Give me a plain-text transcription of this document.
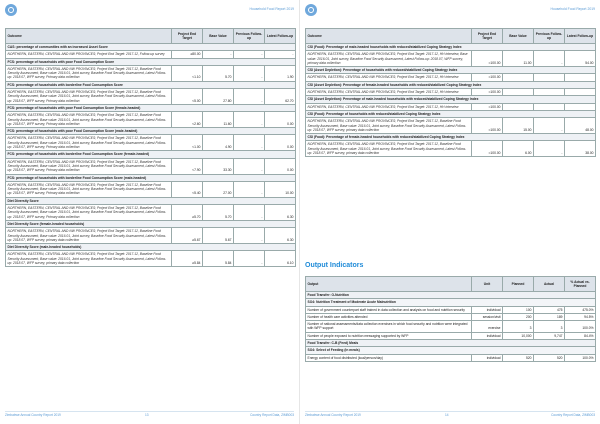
Household Food Report 2019
Outcome	Project End Target	Base Value	Previous Follow-up	Latest Follow-up
CAS: percentage of communities with an increased Asset Score				
NORTHERN, EASTERN, CENTRAL AND NW PROVINCES; Project End Target: 2017.12, Follow-up survey	≥80.00	-	-	-
FCS: percentage of households with poor Food Consumption Score				
NORTHERN, EASTERN, CENTRAL AND NW PROVINCES; Project End Target: 2017.12, Baseline Food Security Assessment, Base value: 2016.01, Joint survey, Baseline Food Security Assessment, Latest Follow-up: 2018.07, WFP survey, Primary data collection	<1.10	5.70	-	1.90
FCS: percentage of households with borderline Food Consumption Score				
NORTHERN, EASTERN, CENTRAL AND NW PROVINCES; Project End Target: 2017.12, Baseline Food Security Assessment, Base value: 2016.01, Joint survey, Baseline Food Security Assessment, Latest Follow-up: 2018.07, WFP survey, Primary data collection	<5.00	27.80	-	62.70
FCS: percentage of households with poor Food Consumption Score (female-headed)				
NORTHERN, EASTERN, CENTRAL AND NW PROVINCES; Project End Target: 2017.12, Baseline Food Security Assessment, Base value: 2016.01, Joint survey, Baseline Food Security Assessment, Latest Follow-up: 2018.07, WFP survey, Primary data collection	<2.60	11.60	-	0.00
FCS: percentage of households with poor Food Consumption Score (male-headed)				
NORTHERN, EASTERN, CENTRAL AND NW PROVINCES; Project End Target: 2017.12, Baseline Food Security Assessment, Base value: 2016.01, Joint survey, Baseline Food Security Assessment, Latest Follow-up: 2018.07, WFP survey, Primary data collection	<1.00	4.90	-	0.00
FCS: percentage of households with borderline Food Consumption Score (female-headed)				
NORTHERN, EASTERN, CENTRAL AND NW PROVINCES; Project End Target: 2017.12, Baseline Food Security Assessment, Base value: 2016.01, Joint survey, Baseline Food Security Assessment, Latest Follow-up: 2018.07, WFP survey, Primary data collection	<7.90	33.30	-	0.00
FCS: percentage of households with borderline Food Consumption Score (male-headed)				
NORTHERN, EASTERN, CENTRAL AND NW PROVINCES; Project End Target: 2017.12, Baseline Food Security Assessment, Base value: 2016.01, Joint survey, Baseline Food Security Assessment, Latest Follow-up: 2018.07, WFP survey, Primary data collection	<5.40	27.00	-	10.00
Diet Diversity Score				
NORTHERN, EASTERN, CENTRAL AND NW PROVINCES; Project End Target: 2017.12, Baseline Food Security Assessment, Base value: 2016.01, Joint survey, Baseline Food Security Assessment, Latest Follow-up: 2018.07, WFP survey, Primary data collection	≥5.70	5.70	-	6.30
Diet Diversity Score (female-headed households)				
NORTHERN, EASTERN, CENTRAL AND NW PROVINCES; Project End Target: 2017.12, Baseline Food Security Assessment, Base value: 2016.01, Joint survey, Baseline Food Security Assessment, Latest Follow-up: 2018.07, WFP survey, primary data collection	≥5.67	5.67	-	6.30
Diet Diversity Score (male-headed households)				
NORTHERN, EASTERN, CENTRAL AND NW PROVINCES; Project End Target: 2017.12, Baseline Food Security Assessment, Base value: 2016.01, Joint survey, Baseline Food Security Assessment, Latest Follow-up: 2018.07, WFP survey, primary data collection	≥5.84	5.84	-	6.10
Zimbabwe Annual Country Report 2019	13	Country Report Data, ZIMB003
Household Food Report 2019
Outcome	Project End Target	Base Value	Previous Follow-up	Latest Follow-up
CSI (Food): Percentage of male-headed households with reduced/stabilized Coping Strategy Index				
NORTHERN, EASTERN, CENTRAL AND NW PROVINCES; Project End Target: 2017.12, HH interview, Base value: 2016.01, Joint survey, Baseline Food Security Assessment, Latest Follow-up: 2018.07, WFP survey, primary data collection	=100.00	11.00	-	54.00
CSI (Asset Depletion): Percentage of households with reduced/stabilized Coping Strategy Index				
NORTHERN, EASTERN, CENTRAL AND NW PROVINCES; Project End Target: 2017.12, HH interview	=100.00			
CSI (Asset Depletion): Percentage of female-headed households with reduced/stabilized Coping Strategy Index				
NORTHERN, EASTERN, CENTRAL AND NW PROVINCES; Project End Target: 2017.12, HH interview	=100.00			
CSI (Asset Depletion): Percentage of male-headed households with reduced/stabilized Coping Strategy Index				
NORTHERN, EASTERN, CENTRAL AND NW PROVINCES; Project End Target: 2017.12, HH interview	=100.00			
CSI (Food): Percentage of households with reduced/stabilized Coping Strategy Index				
NORTHERN, EASTERN, CENTRAL AND NW PROVINCES; Project End Target: 2017.12, Baseline Food Security Assessment, Base value: 2016.01, Joint survey, Baseline Food Security Assessment, Latest Follow-up: 2018.07, WFP survey, primary data collection	=100.00	15.00	-	48.00
CSI (Food): Percentage of female-headed households with reduced/stabilized Coping Strategy Index				
NORTHERN, EASTERN, CENTRAL AND NW PROVINCES; Project End Target: 2017.12, Baseline Food Security Assessment, Base value: 2016.01, Joint survey, Baseline Food Security Assessment, Latest Follow-up: 2018.07, WFP survey, primary data collection	=100.00	6.00	-	38.00
Output Indicators
Output	Unit	Planned	Actual	% Actual vs. Planned
Food Transfer: O-Nutrition				
SO4: Nutrition Treatment of Moderate Acute Malnutrition				
Number of government counterpart staff trained in data collection and analysis on food and nutrition security	individual	100	475	475.0%
Number of health care activities attended	session/visit	200	189	94.5%
Number of national assessments/data collection exercises in which food security and nutrition were integrated with WFP support	exercise	3	3	100.0%
Number of people exposed to nutrition messaging supported by WFP	individual	10,000	9,747	84.4%
Food Transfer: C-B (Feed) Meals				
SO4: Select of Feeding (in meals)				
Energy content of food distributed (kcal/person/day)	individual	520	520	100.0%
Zimbabwe Annual Country Report 2019	14	Country Report Data, ZIMB003
